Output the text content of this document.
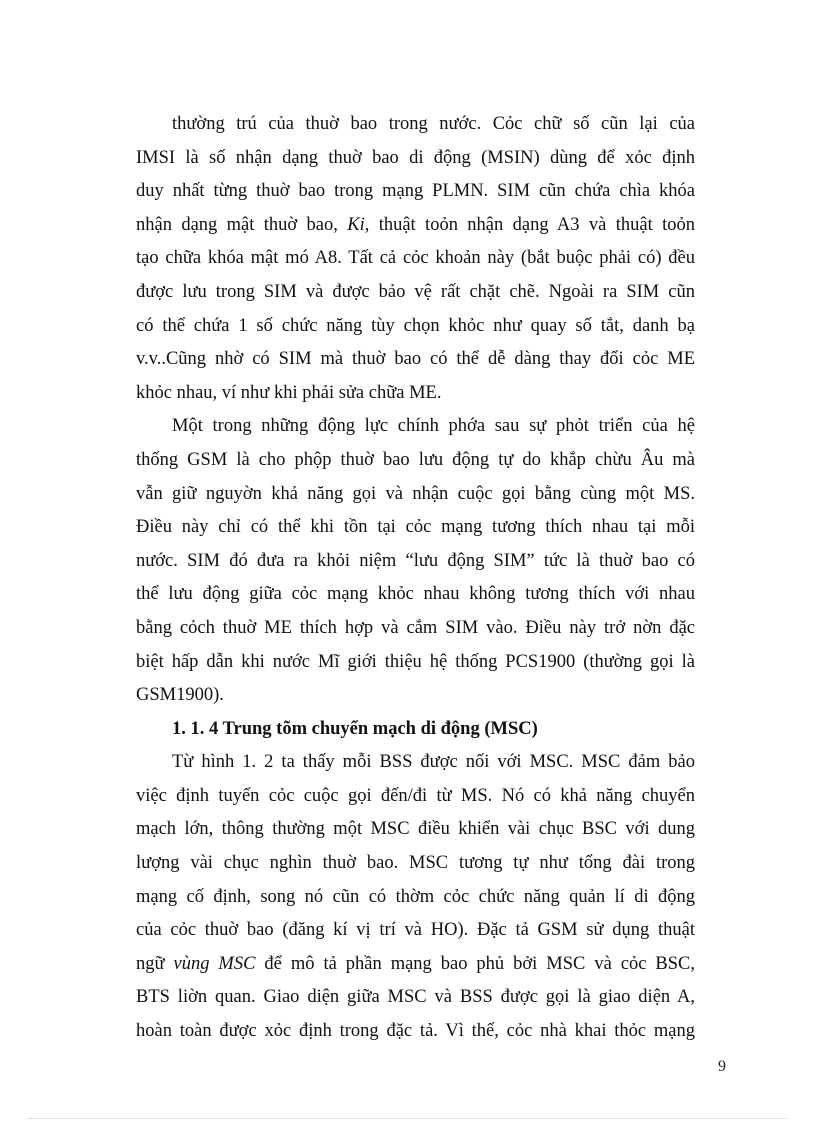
thường trú của thuờ bao trong nước. Cỏc chữ số cũn lại của
IMSI là số nhận dạng thuờ bao di động (MSIN) dùng để xỏc định
duy nhất từng thuờ bao trong mạng PLMN. SIM cũn chứa chìa khóa
nhận dạng mật thuờ bao, Ki, thuật toỏn nhận dạng A3 và thuật toỏn
tạo chữa khóa mật mó A8. Tất cả cỏc khoản này (bắt buộc phải có) đều
được lưu trong SIM và được bảo vệ rất chặt chẽ. Ngoài ra SIM cũn
có thể chứa 1 số chức năng tùy chọn khỏc như quay số tắt, danh bạ
v.v..Cũng nhờ có SIM mà thuờ bao có thể dễ dàng thay đổi cỏc ME
khỏc nhau, ví như khi phải sửa chữa ME.
Một trong những động lực chính phớa sau sự phỏt triển của hệ
thống GSM là cho phộp thuờ bao lưu động tự do khắp chừu Âu mà
vẫn giữ nguyờn khả năng gọi và nhận cuộc gọi bằng cùng một MS.
Điều này chỉ có thể khi tồn tại cỏc mạng tương thích nhau tại mỗi
nước. SIM đó đưa ra khỏi niệm “lưu động SIM” tức là thuờ bao có
thể lưu động giữa cỏc mạng khỏc nhau không tương thích với nhau
bằng cỏch thuờ ME thích hợp và cắm SIM vào. Điều này trở nờn đặc
biệt hấp dẫn khi nước Mĩ giới thiệu hệ thống PCS1900 (thường gọi là
GSM1900).
1. 1. 4 Trung tõm chuyển mạch di động (MSC)
Từ hình 1. 2 ta thấy mỗi BSS được nối với MSC. MSC đảm bảo
việc định tuyến cỏc cuộc gọi đến/đi từ MS. Nó có khả năng chuyển
mạch lớn, thông thường một MSC điều khiển vài chục BSC với dung
lượng vài chục nghìn thuờ bao. MSC tương tự như tổng đài trong
mạng cố định, song nó cũn có thờm cỏc chức năng quản lí di động
của cỏc thuờ bao (đăng kí vị trí và HO). Đặc tả GSM sử dụng thuật
ngữ vùng MSC để mô tả phần mạng bao phủ bởi MSC và cỏc BSC,
BTS liờn quan. Giao diện giữa MSC và BSS được gọi là giao diện A,
hoàn toàn được xỏc định trong đặc tả. Vì thế, cỏc nhà khai thỏc mạng
9
